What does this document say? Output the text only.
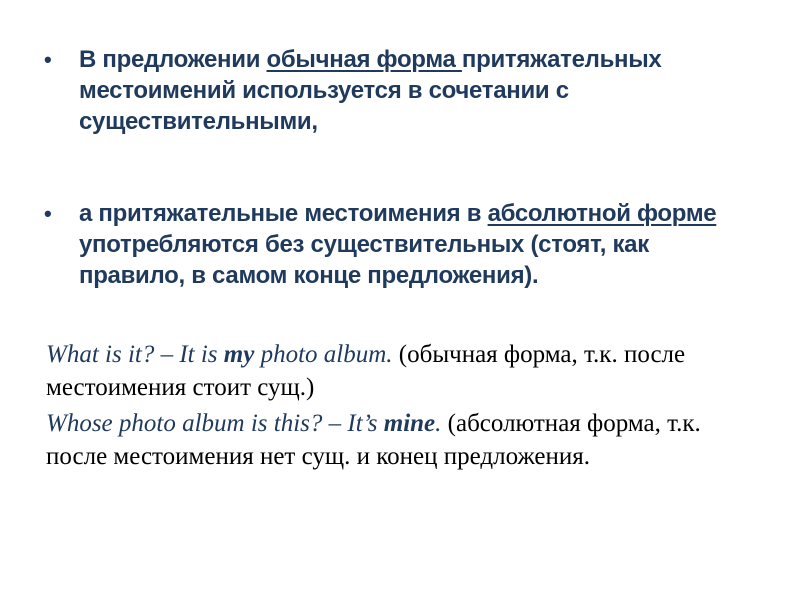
• В предложении обычная форма притяжательных местоимений используется в сочетании с существительными,
• а притяжательные местоимения в абсолютной форме употребляются без существительных (стоят, как правило, в самом конце предложения).

What is it? – It is my photo album. (обычная форма, т.к. после местоимения стоит сущ.)

Whose photo album is this? – It’s mine. (абсолютная форма, т.к. после местоимения нет сущ. и конец предложения.
